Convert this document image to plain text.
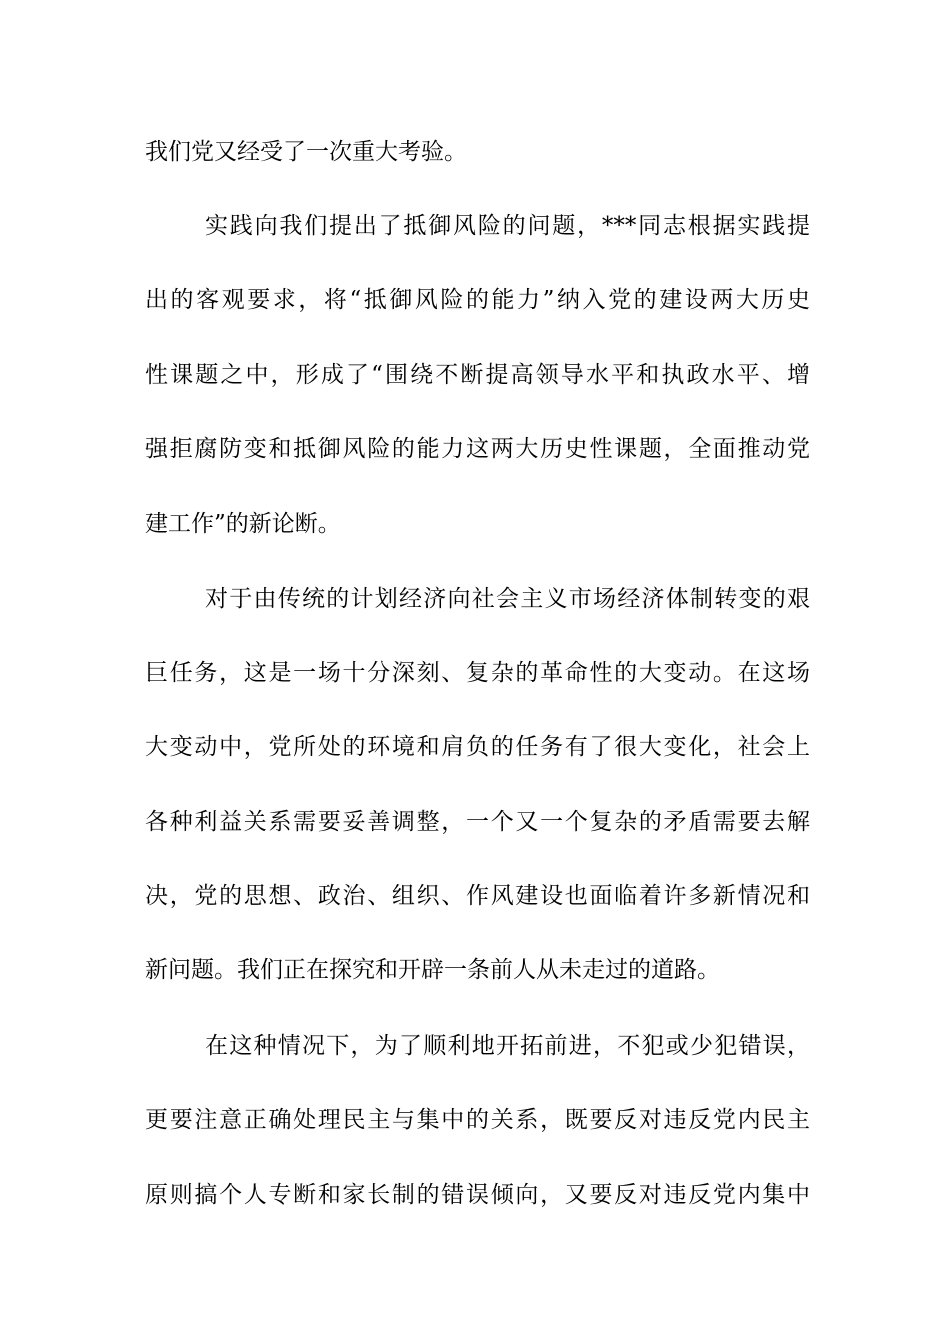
我们党又经受了一次重大考验。
实践向我们提出了抵御风险的问题，***同志根据实践提
出的客观要求，将“抵御风险的能力”纳入党的建设两大历史
性课题之中，形成了“围绕不断提高领导水平和执政水平、增
强拒腐防变和抵御风险的能力这两大历史性课题，全面推动党
建工作”的新论断。
对于由传统的计划经济向社会主义市场经济体制转变的艰
巨任务，这是一场十分深刻、复杂的革命性的大变动。在这场
大变动中，党所处的环境和肩负的任务有了很大变化，社会上
各种利益关系需要妥善调整，一个又一个复杂的矛盾需要去解
决，党的思想、政治、组织、作风建设也面临着许多新情况和
新问题。我们正在探究和开辟一条前人从未走过的道路。
在这种情况下，为了顺利地开拓前进，不犯或少犯错误，
更要注意正确处理民主与集中的关系，既要反对违反党内民主
原则搞个人专断和家长制的错误倾向，又要反对违反党内集中
